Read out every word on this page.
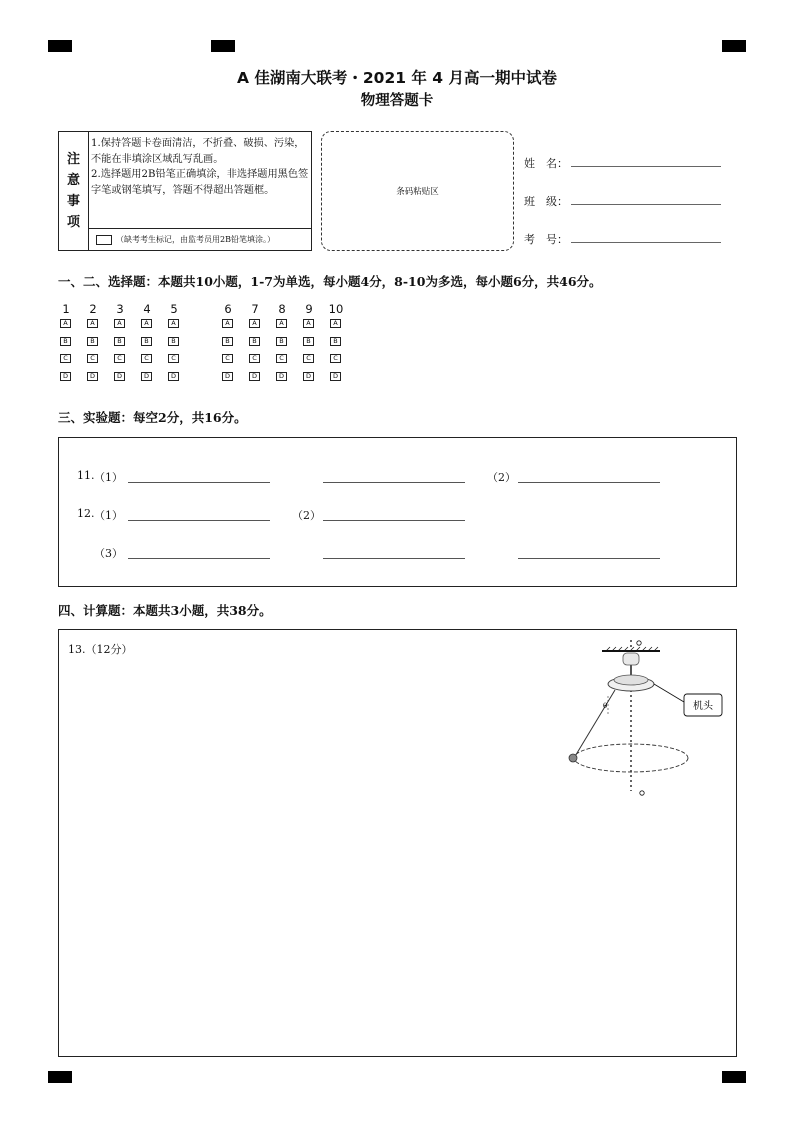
A 佳湖南大联考・2021 年 4 月高一期中试卷
物理答题卡
注
意
事
项
1.保持答题卡卷面清洁，不折叠、破损、污染，不能在非填涂区域乱写乱画。
2.选择题用2B铅笔正确填涂，非选择题用黑色签字笔或钢笔填写，答题不得超出答题框。
（缺考考生标记，由监考员用2B铅笔填涂。）
条码粘贴区
姓　名：
班　级：
考　号：
一、二、选择题：本题共10小题，1-7为单选，每小题4分，8-10为多选，每小题6分，共46分。
1
A
B
C
D
2
A
B
C
D
3
A
B
C
D
4
A
B
C
D
5
A
B
C
D
6
A
B
C
D
7
A
B
C
D
8
A
B
C
D
9
A
B
C
D
10
A
B
C
D
三、实验题：每空2分，共16分。
11. （1）	（2）
12. （1）	（2）
（3）
四、计算题：本题共3小题，共38分。
13.（12分）
机头
θ
